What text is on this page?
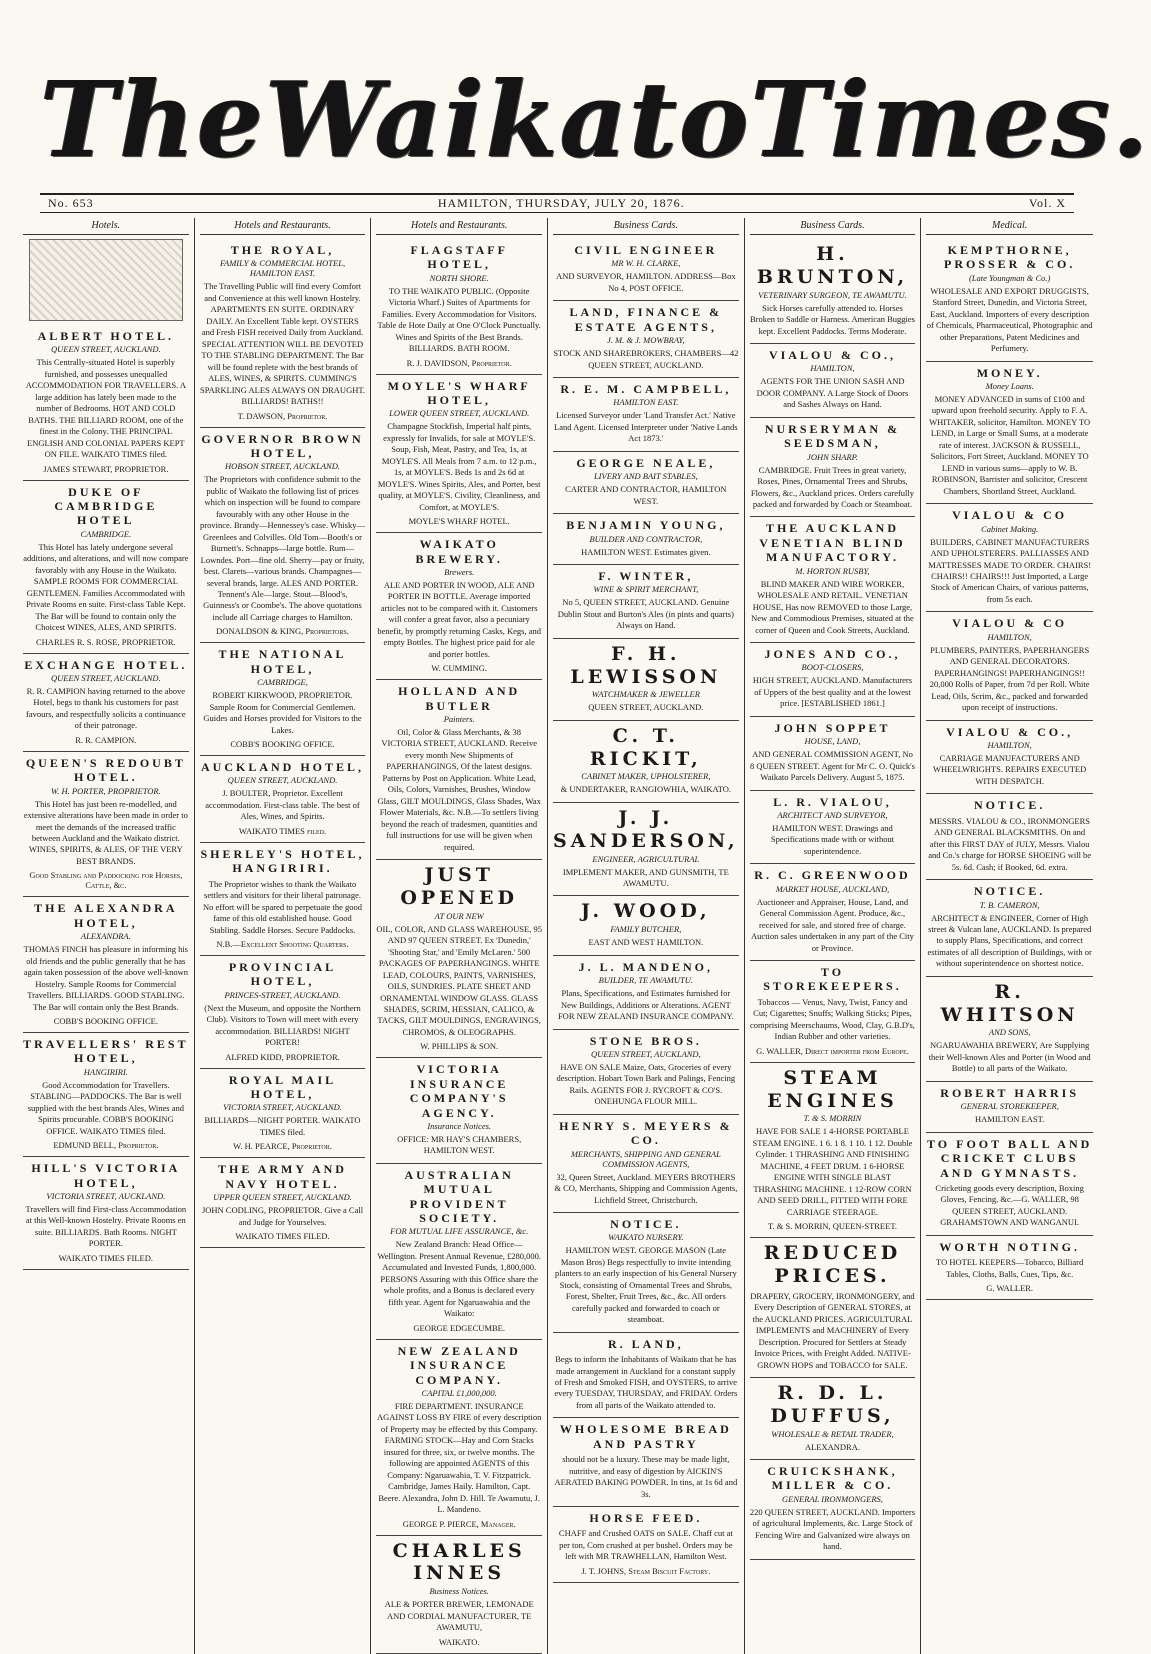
The Waikato Times.
No. 653	HAMILTON, THURSDAY, JULY 20, 1876.	Vol. X
Hotels.
ALBERT HOTEL.
QUEEN STREET, AUCKLAND.
This Centrally-situated Hotel is superbly furnished, and possesses unequalled ACCOMMODATION FOR TRAVELLERS. A large addition has lately been made to the number of Bedrooms. HOT AND COLD BATHS. THE BILLIARD ROOM, one of the finest in the Colony. THE PRINCIPAL ENGLISH AND COLONIAL PAPERS KEPT ON FILE. WAIKATO TIMES filed.
JAMES STEWART, PROPRIETOR.
DUKE OF CAMBRIDGE HOTEL
CAMBRIDGE.
This Hotel has lately undergone several additions, and alterations, and will now compare favorably with any House in the Waikato. SAMPLE ROOMS FOR COMMERCIAL GENTLEMEN. Families Accommodated with Private Rooms en suite. First-class Table Kept. The Bar will be found to contain only the Choicest WINES, ALES, AND SPIRITS.
CHARLES R. S. ROSE, PROPRIETOR.
EXCHANGE HOTEL.
QUEEN STREET, AUCKLAND.
R. R. CAMPION having returned to the above Hotel, begs to thank his customers for past favours, and respectfully solicits a continuance of their patronage.
R. R. CAMPION.
QUEEN'S REDOUBT HOTEL.
W. H. PORTER, PROPRIETOR.
This Hotel has just been re-modelled, and extensive alterations have been made in order to meet the demands of the increased traffic between Auckland and the Waikato district. WINES, SPIRITS, & ALES, OF THE VERY BEST BRANDS.
Good Stabling and Paddocking for Horses, Cattle, &c.
THE ALEXANDRA HOTEL,
ALEXANDRA.
THOMAS FINCH has pleasure in informing his old friends and the public generally that he has again taken possession of the above well-known Hostelry. Sample Rooms for Commercial Travellers. BILLIARDS. GOOD STABLING. The Bar will contain only the Best Brands.
COBB'S BOOKING OFFICE.
TRAVELLERS' REST HOTEL,
HANGIRIRI.
Good Accommodation for Travellers. STABLING—PADDOCKS. The Bar is well supplied with the best brands Ales, Wines and Spirits procurable. COBB'S BOOKING OFFICE. WAIKATO TIMES filed.
EDMUND BELL, Proprietor.
HILL'S VICTORIA HOTEL,
VICTORIA STREET, AUCKLAND.
Travellers will find First-class Accommodation at this Well-known Hostelry. Private Rooms en suite. BILLIARDS. Bath Rooms. NIGHT PORTER.
WAIKATO TIMES FILED.
Hotels and Restaurants.
THE ROYAL,
FAMILY & COMMERCIAL HOTEL, HAMILTON EAST.
The Travelling Public will find every Comfort and Convenience at this well known Hostelry. APARTMENTS EN SUITE. ORDINARY DAILY. An Excellent Table kept. OYSTERS and Fresh FISH received Daily from Auckland. SPECIAL ATTENTION WILL BE DEVOTED TO THE STABLING DEPARTMENT. The Bar will be found replete with the best brands of ALES, WINES, & SPIRITS. CUMMING'S SPARKLING ALES ALWAYS ON DRAUGHT. BILLIARDS! BATHS!!
T. DAWSON, Proprietor.
GOVERNOR BROWN HOTEL,
HOBSON STREET, AUCKLAND.
The Proprietors with confidence submit to the public of Waikato the following list of prices which on inspection will be found to compare favourably with any other House in the province. Brandy—Hennessey's case. Whisky—Greenlees and Colvilles. Old Tom—Booth's or Burnett's. Schnapps—large bottle. Rum—Lowndes. Port—fine old. Sherry—pay or fruity, best. Clarets—various brands. Champagnes—several brands, large. ALES AND PORTER. Tennent's Ale—large. Stout—Blood's, Guinness's or Coombe's. The above quotations include all Carriage charges to Hamilton.
DONALDSON & KING, Proprietors.
THE NATIONAL HOTEL,
CAMBRIDGE,
ROBERT KIRKWOOD, PROPRIETOR. Sample Room for Commercial Gentlemen. Guides and Horses provided for Visitors to the Lakes.
COBB'S BOOKING OFFICE.
AUCKLAND HOTEL,
QUEEN STREET, AUCKLAND.
J. BOULTER, Proprietor. Excellent accommodation. First-class table. The best of Ales, Wines, and Spirits.
WAIKATO TIMES filed.
SHERLEY'S HOTEL, HANGIRIRI.
The Proprietor wishes to thank the Waikato settlers and visitors for their liberal patronage. No effort will be spared to perpetuate the good fame of this old established house. Good Stabling. Saddle Horses. Secure Paddocks.
N.B.—Excellent Shooting Quarters.
PROVINCIAL HOTEL,
PRINCES-STREET, AUCKLAND.
(Next the Museum, and opposite the Northern Club). Visitors to Town will meet with every accommodation. BILLIARDS! NIGHT PORTER!
ALFRED KIDD, PROPRIETOR.
ROYAL MAIL HOTEL,
VICTORIA STREET, AUCKLAND.
BILLIARDS—NIGHT PORTER. WAIKATO TIMES filed.
W. H. PEARCE, Proprietor.
THE ARMY AND NAVY HOTEL.
UPPER QUEEN STREET, AUCKLAND.
JOHN CODLING, PROPRIETOR. Give a Call and Judge for Yourselves.
WAIKATO TIMES FILED.
Hotels and Restaurants.
FLAGSTAFF HOTEL,
NORTH SHORE.
TO THE WAIKATO PUBLIC. (Opposite Victoria Wharf.) Suites of Apartments for Families. Every Accommodation for Visitors. Table de Hote Daily at One O'Clock Punctually. Wines and Spirits of the Best Brands. BILLIARDS. BATH ROOM.
R. J. DAVIDSON, Proprietor.
MOYLE'S WHARF HOTEL,
LOWER QUEEN STREET, AUCKLAND.
Champagne Stockfish, Imperial half pints, expressly for Invalids, for sale at MOYLE'S. Soup, Fish, Meat, Pastry, and Tea, 1s, at MOYLE'S. All Meals from 7 a.m. to 12 p.m., 1s, at MOYLE'S. Beds 1s and 2s 6d at MOYLE'S. Wines Spirits, Ales, and Porter, best quality, at MOYLE'S. Civility, Cleanliness, and Comfort, at MOYLE'S.
MOYLE'S WHARF HOTEL.
WAIKATO BREWERY.
Brewers.
ALE AND PORTER IN WOOD, ALE AND PORTER IN BOTTLE. Average imported articles not to be compared with it. Customers will confer a great favor, also a pecuniary benefit, by promptly returning Casks, Kegs, and empty Bottles. The highest price paid for ale and porter bottles.
W. CUMMING.
HOLLAND AND BUTLER
Painters.
Oil, Color & Glass Merchants, & 38 VICTORIA STREET, AUCKLAND. Receive every month New Shipments of PAPERHANGINGS, Of the latest designs. Patterns by Post on Application. White Lead, Oils, Colors, Varnishes, Brushes, Window Glass, GILT MOULDINGS, Glass Shades, Wax Flower Materials, &c. N.B.—To settlers living beyond the reach of tradesmen, quantities and full instructions for use will be given when required.
JUST OPENED
AT OUR NEW
OIL, COLOR, AND GLASS WAREHOUSE, 95 AND 97 QUEEN STREET. Ex 'Dunedin,' 'Shooting Star,' and 'Emily McLaren.' 500 PACKAGES OF PAPERHANGINGS. WHITE LEAD, COLOURS, PAINTS, VARNISHES, OILS, SUNDRIES. PLATE SHEET AND ORNAMENTAL WINDOW GLASS. GLASS SHADES, SCRIM, HESSIAN, CALICO, & TACKS, GILT MOULDINGS, ENGRAVINGS, CHROMOS, & OLEOGRAPHS.
W. PHILLIPS & SON.
VICTORIA INSURANCE COMPANY'S AGENCY.
Insurance Notices.
OFFICE: MR HAY'S CHAMBERS, HAMILTON WEST.
AUSTRALIAN MUTUAL PROVIDENT SOCIETY.
FOR MUTUAL LIFE ASSURANCE, &c.
New Zealand Branch: Head Office—Wellington. Present Annual Revenue, £280,000. Accumulated and Invested Funds, 1,800,000. PERSONS Assuring with this Office share the whole profits, and a Bonus is declared every fifth year. Agent for Ngaruawahia and the Waikato:
GEORGE EDGECUMBE.
NEW ZEALAND INSURANCE COMPANY.
CAPITAL £1,000,000.
FIRE DEPARTMENT. INSURANCE AGAINST LOSS BY FIRE of every description of Property may be effected by this Company. FARMING STOCK—Hay and Corn Stacks insured for three, six, or twelve months. The following are appointed AGENTS of this Company: Ngaruawahia, T. V. Fitzpatrick. Cambridge, James Haily. Hamilton, Capt. Beere. Alexandra, John D. Hill. Te Awamutu, J. L. Mandeno.
GEORGE P. PIERCE, Manager.
CHARLES INNES
Business Notices.
ALE & PORTER BREWER, LEMONADE AND CORDIAL MANUFACTURER, TE AWAMUTU,
WAIKATO.
Business Cards.
CIVIL ENGINEER
MR W. H. CLARKE,
AND SURVEYOR, HAMILTON. ADDRESS—Box No 4, POST OFFICE.
LAND, FINANCE & ESTATE AGENTS,
J. M. & J. MOWBRAY,
STOCK AND SHAREBROKERS, CHAMBERS—42 QUEEN STREET, AUCKLAND.
R. E. M. CAMPBELL,
HAMILTON EAST.
Licensed Surveyor under 'Land Transfer Act.' Native Land Agent. Licensed Interpreter under 'Native Lands Act 1873.'
GEORGE NEALE,
LIVERY AND BAIT STABLES,
CARTER AND CONTRACTOR, HAMILTON WEST.
BENJAMIN YOUNG,
BUILDER AND CONTRACTOR,
HAMILTON WEST. Estimates given.
F. WINTER,
WINE & SPIRIT MERCHANT,
No 5, QUEEN STREET, AUCKLAND. Genuine Dublin Stout and Burton's Ales (in pints and quarts) Always on Hand.
F. H. LEWISSON
WATCHMAKER & JEWELLER
QUEEN STREET, AUCKLAND.
C. T. RICKIT,
CABINET MAKER, UPHOLSTERER,
& UNDERTAKER, RANGIOWHIA, WAIKATO.
J. J. SANDERSON,
ENGINEER, AGRICULTURAL
IMPLEMENT MAKER, AND GUNSMITH, TE AWAMUTU.
J. WOOD,
FAMILY BUTCHER,
EAST AND WEST HAMILTON.
J. L. MANDENO,
BUILDER, TE AWAMUTU.
Plans, Specifications, and Estimates furnished for New Buildings, Additions or Alterations. AGENT FOR NEW ZEALAND INSURANCE COMPANY.
STONE BROS.
QUEEN STREET, AUCKLAND,
HAVE ON SALE Maize, Oats, Groceries of every description. Hobart Town Bark and Palings, Fencing Rails. AGENTS FOR J. RYCROFT & CO'S. ONEHUNGA FLOUR MILL.
HENRY S. MEYERS & CO.
MERCHANTS, SHIPPING AND GENERAL COMMISSION AGENTS,
32, Queen Street, Auckland. MEYERS BROTHERS & CO, Merchants, Shipping and Commission Agents, Lichfield Street, Christchurch.
NOTICE.
WAIKATO NURSERY.
HAMILTON WEST. GEORGE MASON (Late Mason Bros) Begs respectfully to invite intending planters to an early inspection of his General Nursery Stock, consisting of Ornamental Trees and Shrubs, Forest, Shelter, Fruit Trees, &c., &c. All orders carefully packed and forwarded to coach or steamboat.
R. LAND,
Begs to inform the Inhabitants of Waikato that he has made arrangement in Auckland for a constant supply of Fresh and Smoked FISH, and OYSTERS, to arrive every TUESDAY, THURSDAY, and FRIDAY. Orders from all parts of the Waikato attended to.
WHOLESOME BREAD AND PASTRY
should not be a luxury. These may be made light, nutritive, and easy of digestion by AICKIN'S AERATED BAKING POWDER. In tins, at 1s 6d and 3s.
HORSE FEED.
CHAFF and Crushed OATS on SALE. Chaff cut at per ton, Corn crushed at per bushel. Orders may be left with MR TRAWHELLAN, Hamilton West.
J. T. JOHNS, Steam Biscuit Factory.
Business Cards.
H. BRUNTON,
VETERINARY SURGEON, TE AWAMUTU.
Sick Horses carefully attended to. Horses Broken to Saddle or Harness. American Buggies kept. Excellent Paddocks. Terms Moderate.
VIALOU & CO.,
HAMILTON,
AGENTS FOR THE UNION SASH AND DOOR COMPANY. A Large Stock of Doors and Sashes Always on Hand.
NURSERYMAN & SEEDSMAN,
JOHN SHARP.
CAMBRIDGE. Fruit Trees in great variety, Roses, Pines, Ornamental Trees and Shrubs, Flowers, &c., Auckland prices. Orders carefully packed and forwarded by Coach or Steamboat.
THE AUCKLAND VENETIAN BLIND MANUFACTORY.
M. HORTON RUSBY,
BLIND MAKER AND WIRE WORKER, WHOLESALE AND RETAIL. VENETIAN HOUSE, Has now REMOVED to those Large, New and Commodious Premises, situated at the corner of Queen and Cook Streets, Auckland.
JONES AND CO.,
BOOT-CLOSERS,
HIGH STREET, AUCKLAND. Manufacturers of Uppers of the best quality and at the lowest price. [ESTABLISHED 1861.]
JOHN SOPPET
HOUSE, LAND,
AND GENERAL COMMISSION AGENT, No 8 QUEEN STREET. Agent for Mr C. O. Quick's Waikato Parcels Delivery. August 5, 1875.
L. R. VIALOU,
ARCHITECT AND SURVEYOR,
HAMILTON WEST. Drawings and Specifications made with or without superintendence.
R. C. GREENWOOD
MARKET HOUSE, AUCKLAND,
Auctioneer and Appraiser, House, Land, and General Commission Agent. Produce, &c., received for sale, and stored free of charge. Auction sales undertaken in any part of the City or Province.
TO STOREKEEPERS.
Tobaccos — Venus, Navy, Twist, Fancy and Cut; Cigarettes; Snuffs; Walking Sticks; Pipes, comprising Meerschaums, Wood, Clay, G.B.D's, Indian Rubber and other varieties.
G. WALLER, Direct importer from Europe.
STEAM ENGINES
T. & S. MORRIN
HAVE FOR SALE 1 4-HORSE PORTABLE STEAM ENGINE. 1 6. 1 8. 1 10. 1 12. Double Cylinder. 1 THRASHING AND FINISHING MACHINE, 4 FEET DRUM. 1 6-HORSE ENGINE WITH SINGLE BLAST THRASHING MACHINE. 1 12-ROW CORN AND SEED DRILL, FITTED WITH FORE CARRIAGE STEERAGE.
T. & S. MORRIN, QUEEN-STREET.
REDUCED PRICES.
DRAPERY, GROCERY, IRONMONGERY, and Every Description of GENERAL STORES, at the AUCKLAND PRICES. AGRICULTURAL IMPLEMENTS and MACHINERY of Every Description. Procured for Settlers at Steady Invoice Prices, with Freight Added. NATIVE-GROWN HOPS and TOBACCO for SALE.
R. D. L. DUFFUS,
WHOLESALE & RETAIL TRADER,
ALEXANDRA.
CRUICKSHANK, MILLER & CO.
GENERAL IRONMONGERS,
220 QUEEN STREET, AUCKLAND. Importers of agricultural Implements, &c. Large Stock of Fencing Wire and Galvanized wire always on hand.
Medical.
KEMPTHORNE, PROSSER & CO.
(Late Youngman & Co.)
WHOLESALE AND EXPORT DRUGGISTS, Stanford Street, Dunedin, and Victoria Street, East, Auckland. Importers of every description of Chemicals, Pharmaceutical, Photographic and other Preparations, Patent Medicines and Perfumery.
MONEY.
Money Loans.
MONEY ADVANCED in sums of £100 and upward upon freehold security. Apply to F. A. WHITAKER, solicitor, Hamilton. MONEY TO LEND, in Large or Small Sums, at a moderate rate of interest. JACKSON & RUSSELL, Solicitors, Fort Street, Auckland. MONEY TO LEND in various sums—apply to W. B. ROBINSON, Barrister and solicitor, Crescent Chambers, Shortland Street, Auckland.
VIALOU & CO
Cabinet Making.
BUILDERS, CABINET MANUFACTURERS AND UPHOLSTERERS. PALLIASSES AND MATTRESSES MADE TO ORDER. CHAIRS! CHAIRS!! CHAIRS!!! Just Imported, a Large Stock of American Chairs, of various patterns, from 5s each.
VIALOU & CO
HAMILTON,
PLUMBERS, PAINTERS, PAPERHANGERS AND GENERAL DECORATORS. PAPERHANGINGS! PAPERHANGINGS!! 20,000 Rolls of Paper, from 7d per Roll. White Lead, Oils, Scrim, &c., packed and forwarded upon receipt of instructions.
VIALOU & CO.,
HAMILTON,
CARRIAGE MANUFACTURERS AND WHEELWRIGHTS. REPAIRS EXECUTED WITH DESPATCH.
NOTICE.
MESSRS. VIALOU & CO., IRONMONGERS AND GENERAL BLACKSMITHS. On and after this FIRST DAY of JULY, Messrs. Vialou and Co.'s charge for HORSE SHOEING will be 5s. 6d. Cash; if Booked, 6d. extra.
NOTICE.
T. B. CAMERON,
ARCHITECT & ENGINEER, Corner of High street & Vulcan lane, AUCKLAND. Is prepared to supply Plans, Specifications, and correct estimates of all description of Buildings, with or without superintendence on shortest notice.
R. WHITSON
AND SONS,
NGARUAWAHIA BREWERY, Are Supplying their Well-known Ales and Porter (in Wood and Bottle) to all parts of the Waikato.
ROBERT HARRIS
GENERAL STOREKEEPER,
HAMILTON EAST.
TO FOOT BALL AND CRICKET CLUBS AND GYMNASTS.
Cricketing goods every description, Boxing Gloves, Fencing, &c.—G. WALLER, 98 QUEEN STREET, AUCKLAND. GRAHAMSTOWN AND WANGANUI.
WORTH NOTING.
TO HOTEL KEEPERS—Tobacco, Billiard Tables, Cloths, Balls, Cues, Tips, &c.
G. WALLER.
